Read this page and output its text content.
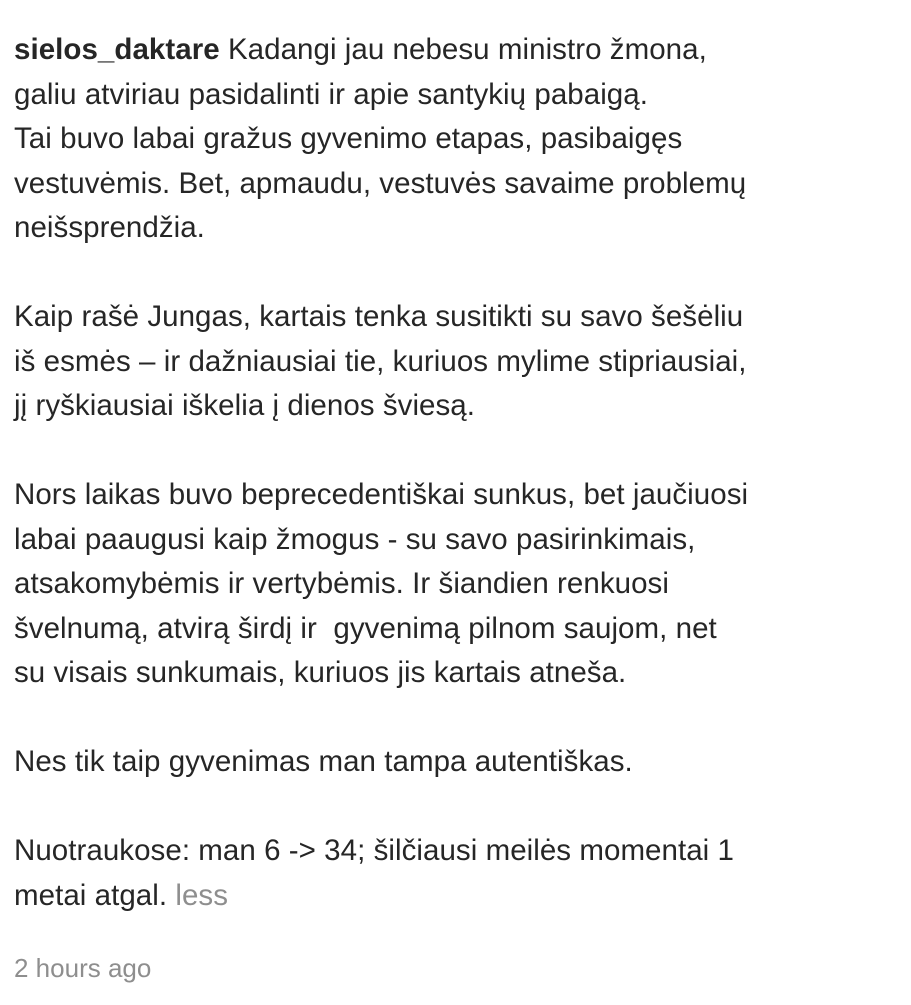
sielos_daktare Kadangi jau nebesu ministro žmona,
galiu atviriau pasidalinti ir apie santykių pabaigą.
Tai buvo labai gražus gyvenimo etapas, pasibaigęs
vestuvėmis. Bet, apmaudu, vestuvės savaime problemų
neišsprendžia.

Kaip rašė Jungas, kartais tenka susitikti su savo šešėliu
iš esmės – ir dažniausiai tie, kuriuos mylime stipriausiai,
jį ryškiausiai iškelia į dienos šviesą.

Nors laikas buvo beprecedentiškai sunkus, bet jaučiuosi
labai paaugusi kaip žmogus - su savo pasirinkimais,
atsakomybėmis ir vertybėmis. Ir šiandien renkuosi
švelnumą, atvirą širdį ir  gyvenimą pilnom saujom, net
su visais sunkumais, kuriuos jis kartais atneša.

Nes tik taip gyvenimas man tampa autentiškas.

Nuotraukose: man 6 -> 34; šilčiausi meilės momentai 1
metai atgal. less

2 hours ago
